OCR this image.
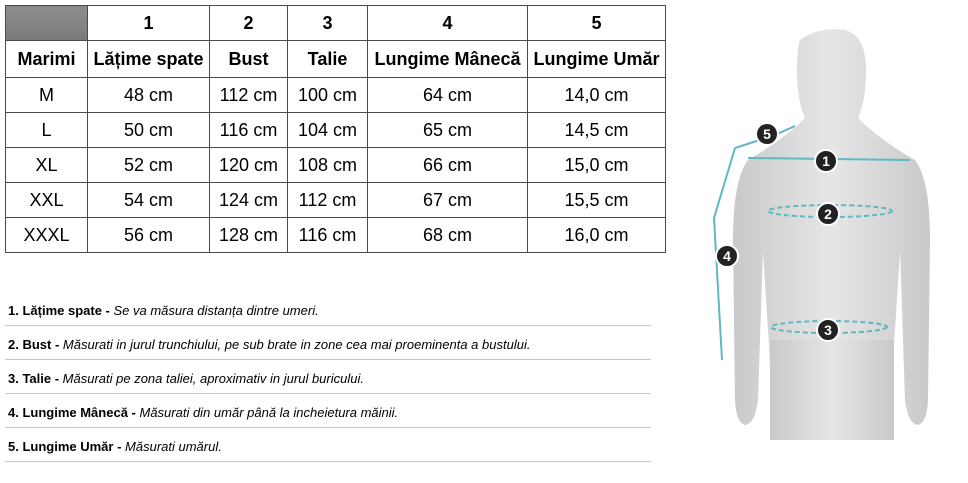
	1	2	3	4	5
Marimi	Lățime spate	Bust	Talie	Lungime Mânecă	Lungime Umăr
M	48 cm	112 cm	100 cm	64 cm	14,0 cm
L	50 cm	116 cm	104 cm	65 cm	14,5 cm
XL	52 cm	120 cm	108 cm	66 cm	15,0 cm
XXL	54 cm	124 cm	112 cm	67 cm	15,5 cm
XXXL	56 cm	128 cm	116 cm	68 cm	16,0 cm
1. Lățime spate - Se va măsura distanța dintre umeri.
2. Bust - Măsurati in jurul trunchiului, pe sub brate in zone cea mai proeminenta a bustului.
3. Talie - Măsurati pe zona taliei, aproximativ in jurul buricului.
4. Lungime Mânecă - Măsurati din umăr până la incheietura măinii.
5. Lungime Umăr - Măsurati umărul.
1
2
3
4
5
